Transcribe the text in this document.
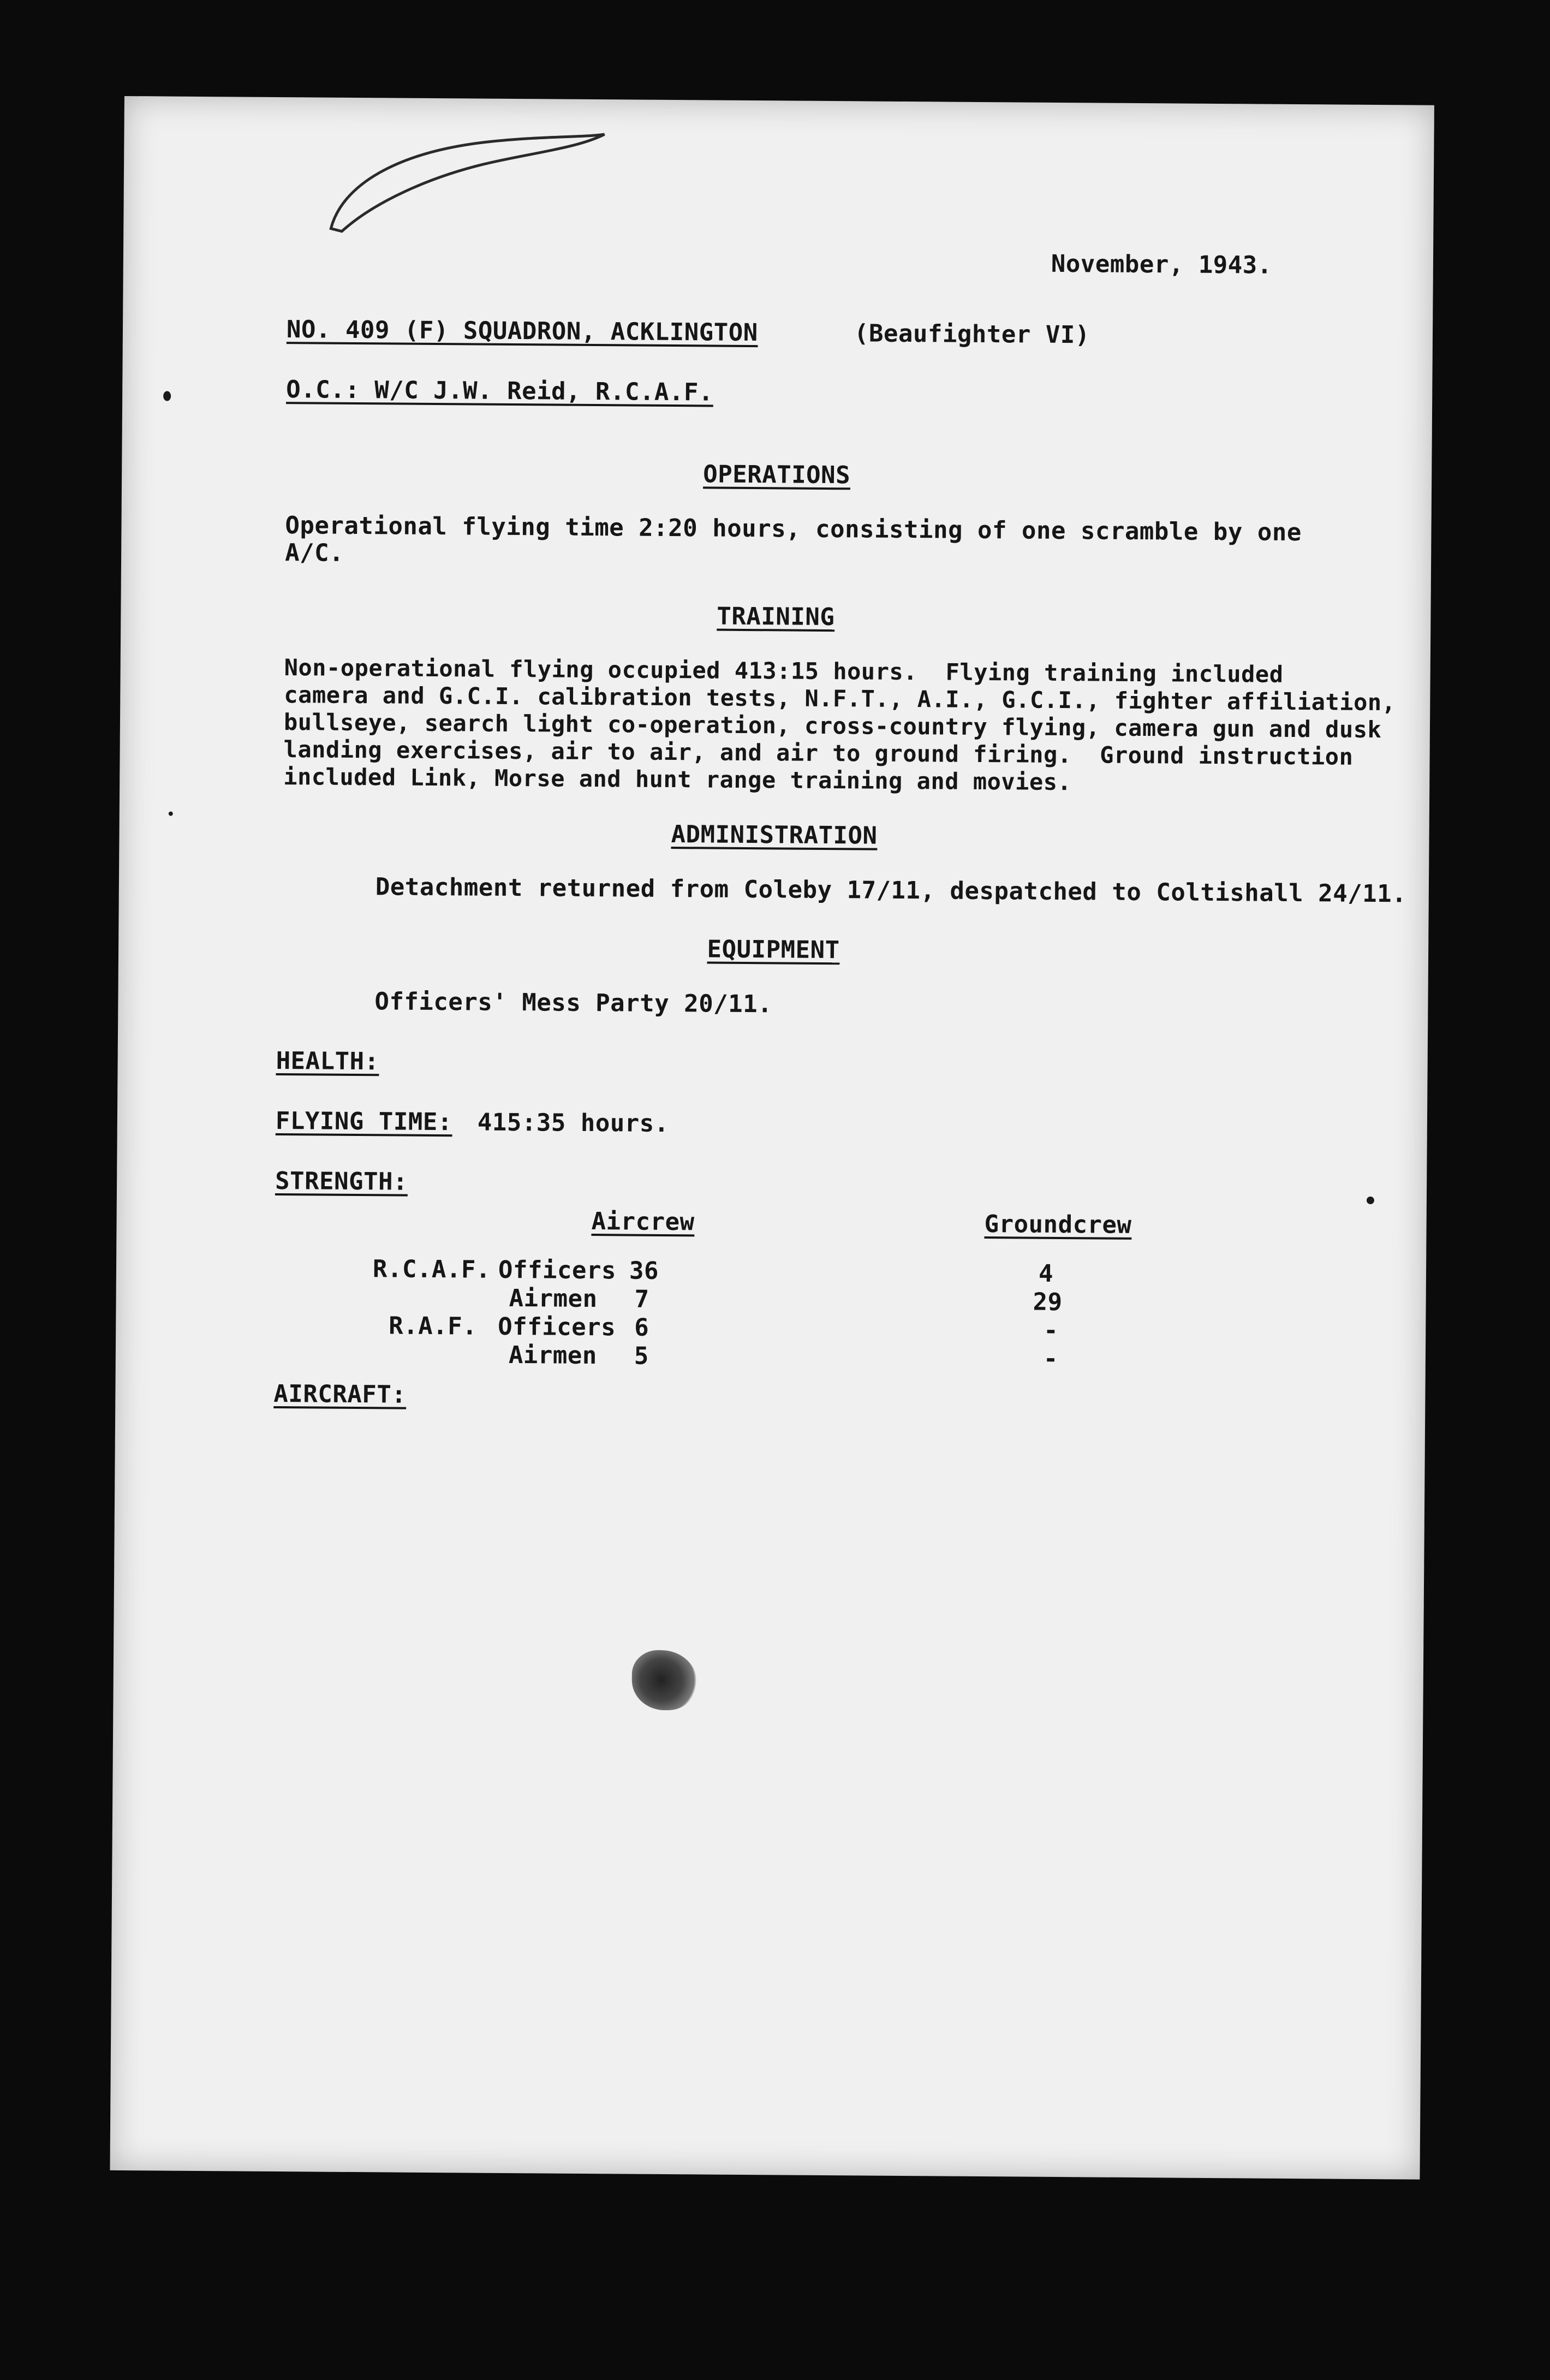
November, 1943.
NO. 409 (F) SQUADRON, ACKLINGTON	(Beaufighter VI)
O.C.: W/C J.W. Reid, R.C.A.F.
OPERATIONS
Operational flying time 2:20 hours, consisting of one scramble by one
A/C.
TRAINING
Non-operational flying occupied 413:15 hours.  Flying training included
camera and G.C.I. calibration tests, N.F.T., A.I., G.C.I., fighter affiliation,
bullseye, search light co-operation, cross-country flying, camera gun and dusk
landing exercises, air to air, and air to ground firing.  Ground instruction
included Link, Morse and hunt range training and movies.
ADMINISTRATION
Detachment returned from Coleby 17/11, despatched to Coltishall 24/11.
EQUIPMENT
Officers' Mess Party 20/11.
HEALTH:
FLYING TIME: 415:35 hours.
STRENGTH:
Aircrew	Groundcrew
R.C.A.F. Officers 36	4
Airmen 7	29
R.A.F. Officers 6	-
Airmen 5	-
AIRCRAFT:
